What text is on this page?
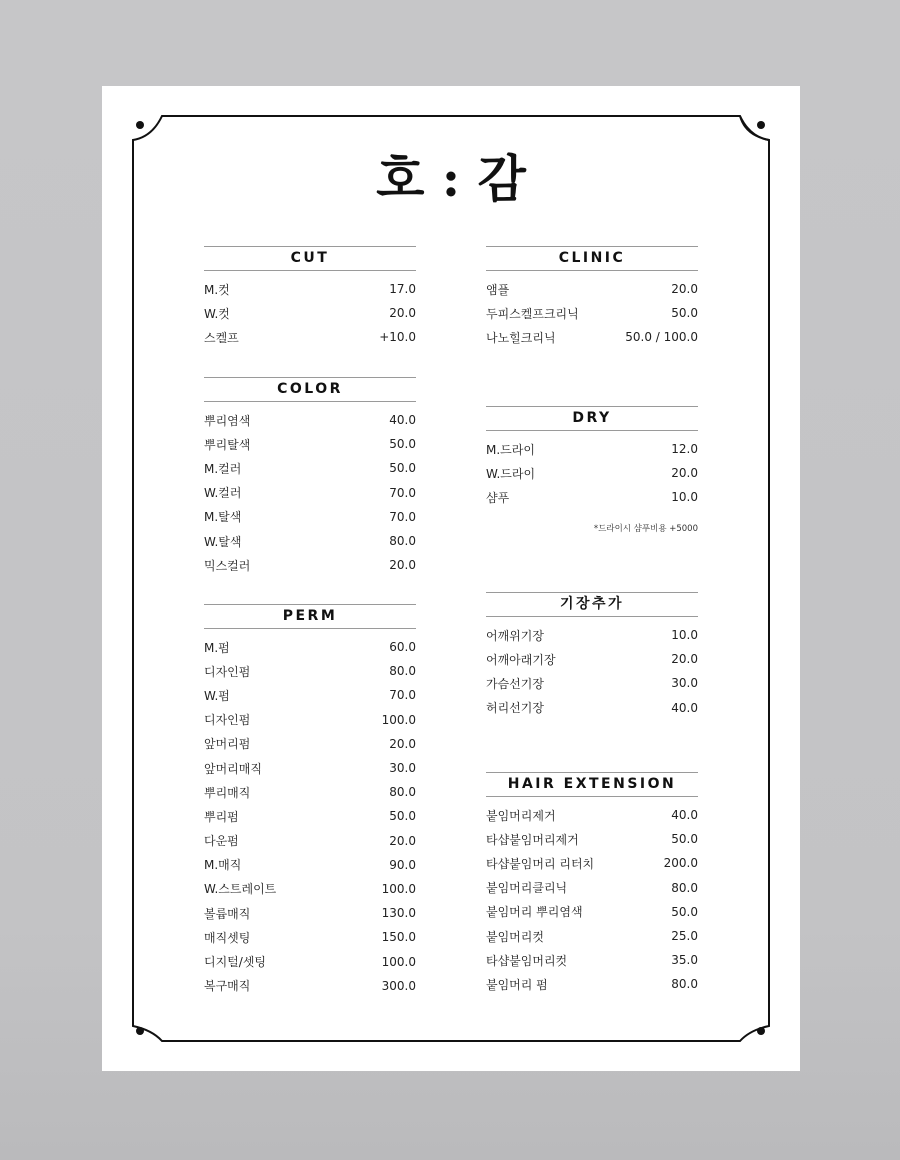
호 : 감
CUT
M.컷	17.0
W.컷	20.0
스켈프	+10.0
COLOR
뿌리염색	40.0
뿌리탈색	50.0
M.컬러	50.0
W.컬러	70.0
M.탈색	70.0
W.탈색	80.0
믹스컬러	20.0
PERM
M.펌	60.0
디자인펌	80.0
W.펌	70.0
디자인펌	100.0
앞머리펌	20.0
앞머리매직	30.0
뿌리매직	80.0
뿌리펌	50.0
다운펌	20.0
M.매직	90.0
W.스트레이트	100.0
볼륨매직	130.0
매직셋팅	150.0
디지털/셋팅	100.0
복구매직	300.0
CLINIC
앰플	20.0
두피스켈프크리닉	50.0
나노힐크리닉	50.0 / 100.0
DRY
M.드라이	12.0
W.드라이	20.0
샴푸	10.0
*드라이시 샴푸비용 +5000
기장추가
어깨위기장	10.0
어깨아래기장	20.0
가슴선기장	30.0
허리선기장	40.0
HAIR EXTENSION
붙임머리제거	40.0
타샵붙임머리제거	50.0
타샵붙임머리 리터치	200.0
붙임머리클리닉	80.0
붙임머리 뿌리염색	50.0
붙임머리컷	25.0
타샵붙임머리컷	35.0
붙임머리 펌	80.0
